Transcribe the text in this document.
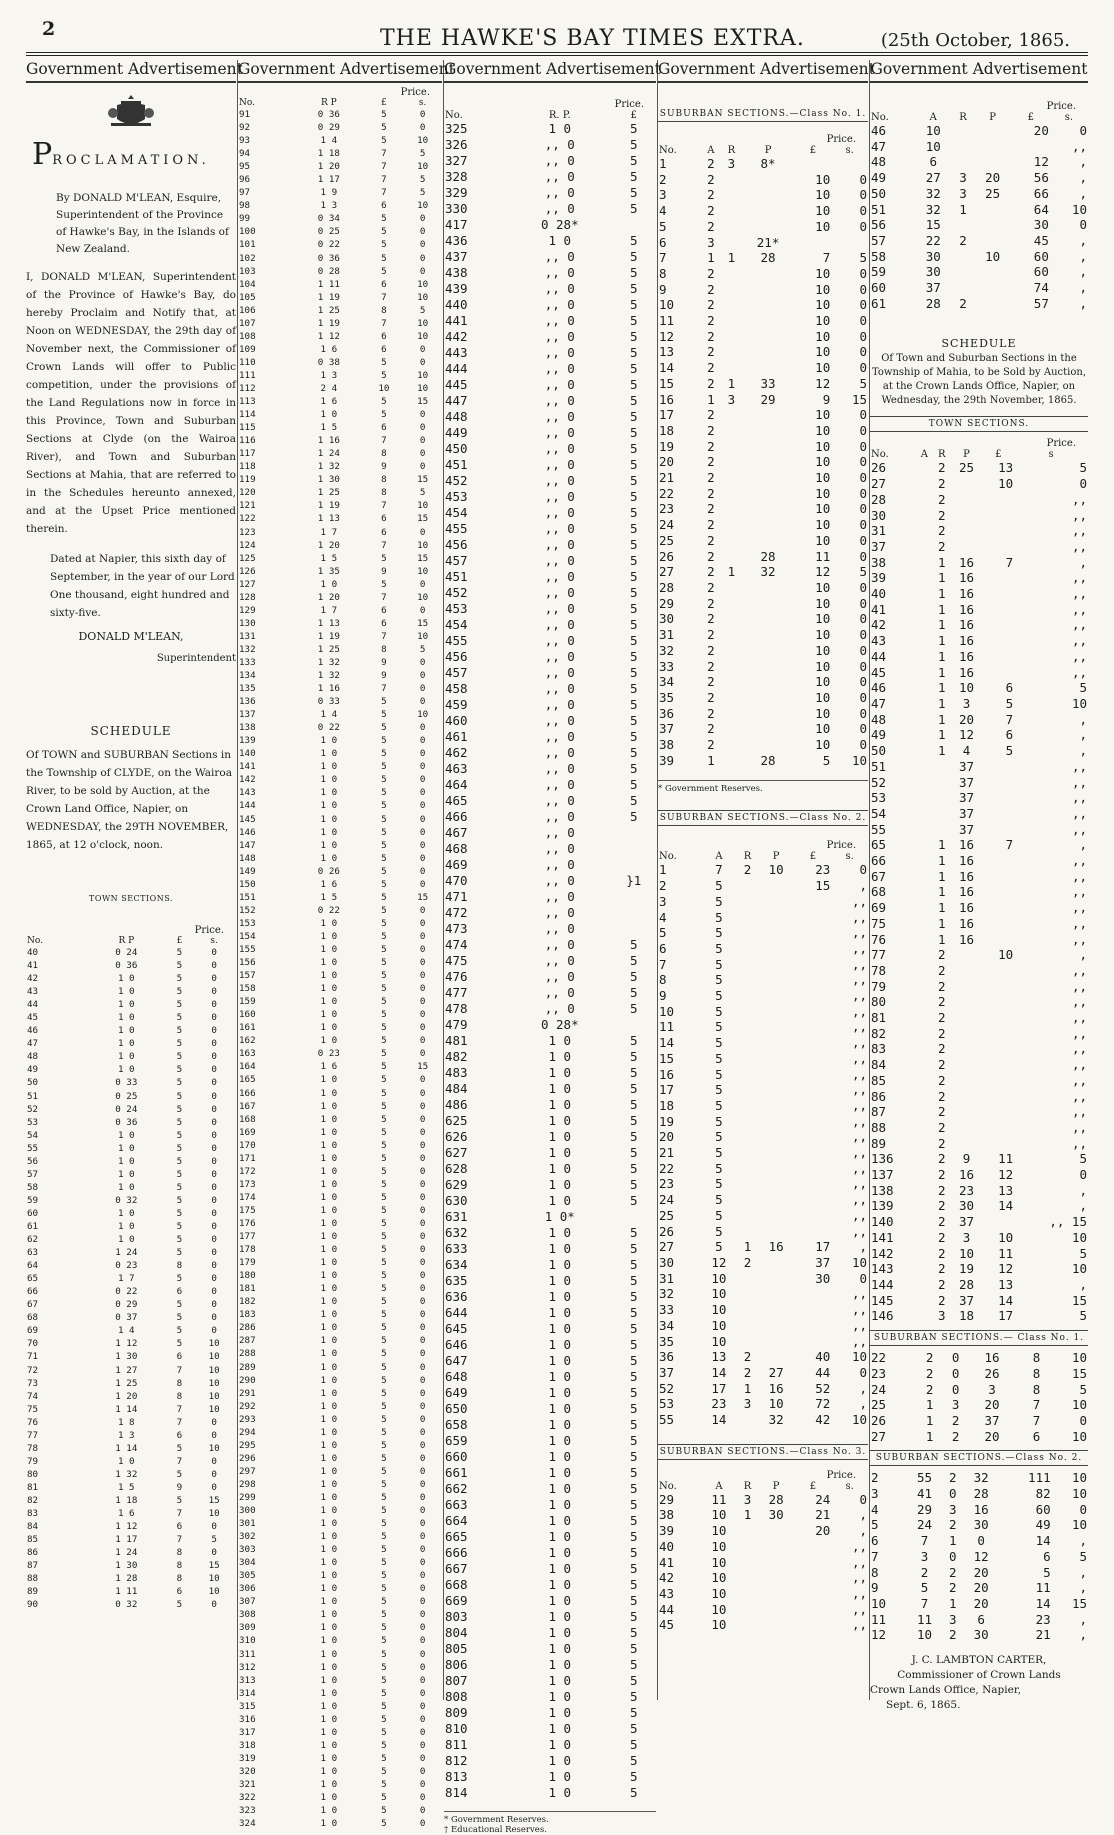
2	THE HAWKE'S BAY TIMES EXTRA.	(25th October, 1865.
Government Advertisement
PROCLAMATION.
By DONALD M'LEAN, Esquire, Superintendent of the Province of Hawke's Bay, in the Islands of New Zealand.
I, DONALD M'LEAN, Superintendent of the Province of Hawke's Bay, do hereby Proclaim and Notify that, at Noon on WEDNESDAY, the 29th day of November next, the Commissioner of Crown Lands will offer to Public competition, under the provisions of the Land Regulations now in force in this Province, Town and Suburban Sections at Clyde (on the Wairoa River), and Town and Suburban Sections at Mahia, that are referred to in the Schedules hereunto annexed, and at the Upset Price mentioned therein.
Dated at Napier, this sixth day of September, in the year of our Lord One thousand, eight hundred and sixty-five.
DONALD M'LEAN,
Superintendent
SCHEDULE
Of TOWN and SUBURBAN Sections in the Township of CLYDE, on the Wairoa River, to be sold by Auction, at the Crown Land Office, Napier, on WEDNESDAY, the 29TH NOVEMBER, 1865, at 12 o'clock, noon.
TOWN SECTIONS.
Price.
No.	R P	£	s.
40	0 24	5	0
41	0 36	5	0
42	1 0	5	0
43	1 0	5	0
44	1 0	5	0
45	1 0	5	0
46	1 0	5	0
47	1 0	5	0
48	1 0	5	0
49	1 0	5	0
50	0 33	5	0
51	0 25	5	0
52	0 24	5	0
53	0 36	5	0
54	1 0	5	0
55	1 0	5	0
56	1 0	5	0
57	1 0	5	0
58	1 0	5	0
59	0 32	5	0
60	1 0	5	0
61	1 0	5	0
62	1 0	5	0
63	1 24	5	0
64	0 23	8	0
65	1 7	5	0
66	0 22	6	0
67	0 29	5	0
68	0 37	5	0
69	1 4	5	0
70	1 12	5	10
71	1 30	6	10
72	1 27	7	10
73	1 25	8	10
74	1 20	8	10
75	1 14	7	10
76	1 8	7	0
77	1 3	6	0
78	1 14	5	10
79	1 0	7	0
80	1 32	5	0
81	1 5	9	0
82	1 18	5	15
83	1 6	7	10
84	1 12	6	0
85	1 17	7	5
86	1 24	8	0
87	1 30	8	15
88	1 28	8	10
89	1 11	6	10
90	0 32	5	0
Government Advertisement
Price.
No.	R P	£	s.
91	0 36	5	0
92	0 29	5	0
93	1 4	5	10
94	1 18	7	5
95	1 20	7	10
96	1 17	7	5
97	1 9	7	5
98	1 3	6	10
99	0 34	5	0
100	0 25	5	0
101	0 22	5	0
102	0 36	5	0
103	0 28	5	0
104	1 11	6	10
105	1 19	7	10
106	1 25	8	5
107	1 19	7	10
108	1 12	6	10
109	1 6	6	0
110	0 38	5	0
111	1 3	5	10
112	2 4	10	10
113	1 6	5	15
114	1 0	5	0
115	1 5	6	0
116	1 16	7	0
117	1 24	8	0
118	1 32	9	0
119	1 30	8	15
120	1 25	8	5
121	1 19	7	10
122	1 13	6	15
123	1 7	6	0
124	1 20	7	10
125	1 5	5	15
126	1 35	9	10
127	1 0	5	0
128	1 20	7	10
129	1 7	6	0
130	1 13	6	15
131	1 19	7	10
132	1 25	8	5
133	1 32	9	0
134	1 32	9	0
135	1 16	7	0
136	0 33	5	0
137	1 4	5	10
138	0 22	5	0
139	1 0	5	0
140	1 0	5	0
141	1 0	5	0
142	1 0	5	0
143	1 0	5	0
144	1 0	5	0
145	1 0	5	0
146	1 0	5	0
147	1 0	5	0
148	1 0	5	0
149	0 26	5	0
150	1 6	5	0
151	1 5	5	15
152	0 22	5	0
153	1 0	5	0
154	1 0	5	0
155	1 0	5	0
156	1 0	5	0
157	1 0	5	0
158	1 0	5	0
159	1 0	5	0
160	1 0	5	0
161	1 0	5	0
162	1 0	5	0
163	0 23	5	0
164	1 6	5	15
165	1 0	5	0
166	1 0	5	0
167	1 0	5	0
168	1 0	5	0
169	1 0	5	0
170	1 0	5	0
171	1 0	5	0
172	1 0	5	0
173	1 0	5	0
174	1 0	5	0
175	1 0	5	0
176	1 0	5	0
177	1 0	5	0
178	1 0	5	0
179	1 0	5	0
180	1 0	5	0
181	1 0	5	0
182	1 0	5	0
183	1 0	5	0
286	1 0	5	0
287	1 0	5	0
288	1 0	5	0
289	1 0	5	0
290	1 0	5	0
291	1 0	5	0
292	1 0	5	0
293	1 0	5	0
294	1 0	5	0
295	1 0	5	0
296	1 0	5	0
297	1 0	5	0
298	1 0	5	0
299	1 0	5	0
300	1 0	5	0
301	1 0	5	0
302	1 0	5	0
303	1 0	5	0
304	1 0	5	0
305	1 0	5	0
306	1 0	5	0
307	1 0	5	0
308	1 0	5	0
309	1 0	5	0
310	1 0	5	0
311	1 0	5	0
312	1 0	5	0
313	1 0	5	0
314	1 0	5	0
315	1 0	5	0
316	1 0	5	0
317	1 0	5	0
318	1 0	5	0
319	1 0	5	0
320	1 0	5	0
321	1 0	5	0
322	1 0	5	0
323	1 0	5	0
324	1 0	5	0
Government Advertisement
Price.
No.	R. P.	£
325	1 0	5
326	,, 0	5
327	,, 0	5
328	,, 0	5
329	,, 0	5
330	,, 0	5
417	0 28*	
436	1 0	5
437	,, 0	5
438	,, 0	5
439	,, 0	5
440	,, 0	5
441	,, 0	5
442	,, 0	5
443	,, 0	5
444	,, 0	5
445	,, 0	5
447	,, 0	5
448	,, 0	5
449	,, 0	5
450	,, 0	5
451	,, 0	5
452	,, 0	5
453	,, 0	5
454	,, 0	5
455	,, 0	5
456	,, 0	5
457	,, 0	5
451	,, 0	5
452	,, 0	5
453	,, 0	5
454	,, 0	5
455	,, 0	5
456	,, 0	5
457	,, 0	5
458	,, 0	5
459	,, 0	5
460	,, 0	5
461	,, 0	5
462	,, 0	5
463	,, 0	5
464	,, 0	5
465	,, 0	5
466	,, 0	5
467	,, 0	
468	,, 0	
469	,, 0	
470	,, 0	}1
471	,, 0	
472	,, 0	
473	,, 0	
474	,, 0	5
475	,, 0	5
476	,, 0	5
477	,, 0	5
478	,, 0	5
479	0 28*	
481	1 0	5
482	1 0	5
483	1 0	5
484	1 0	5
486	1 0	5
625	1 0	5
626	1 0	5
627	1 0	5
628	1 0	5
629	1 0	5
630	1 0	5
631	1 0*	
632	1 0	5
633	1 0	5
634	1 0	5
635	1 0	5
636	1 0	5
644	1 0	5
645	1 0	5
646	1 0	5
647	1 0	5
648	1 0	5
649	1 0	5
650	1 0	5
658	1 0	5
659	1 0	5
660	1 0	5
661	1 0	5
662	1 0	5
663	1 0	5
664	1 0	5
665	1 0	5
666	1 0	5
667	1 0	5
668	1 0	5
669	1 0	5
803	1 0	5
804	1 0	5
805	1 0	5
806	1 0	5
807	1 0	5
808	1 0	5
809	1 0	5
810	1 0	5
811	1 0	5
812	1 0	5
813	1 0	5
814	1 0	5
* Government Reserves.
† Educational Reserves.
Government Advertisement
SUBURBAN SECTIONS.—Class No. 1.
Price.
No.	A	R	P	£	s.
1	2	3	8*		
2	2			10	0
3	2			10	0
4	2			10	0
5	2			10	0
6	3		21*		
7	1	1	28	7	5
8	2			10	0
9	2			10	0
10	2			10	0
11	2			10	0
12	2			10	0
13	2			10	0
14	2			10	0
15	2	1	33	12	5
16	1	3	29	9	15
17	2			10	0
18	2			10	0
19	2			10	0
20	2			10	0
21	2			10	0
22	2			10	0
23	2			10	0
24	2			10	0
25	2			10	0
26	2		28	11	0
27	2	1	32	12	5
28	2			10	0
29	2			10	0
30	2			10	0
31	2			10	0
32	2			10	0
33	2			10	0
34	2			10	0
35	2			10	0
36	2			10	0
37	2			10	0
38	2			10	0
39	1		28	5	10
* Government Reserves.
SUBURBAN SECTIONS.—Class No. 2.
Price.
No.	A	R	P	£	s.
1	7	2	10	23	0
2	5			15	,
3	5				,,
4	5				,,
5	5				,,
6	5				,,
7	5				,,
8	5				,,
9	5				,,
10	5				,,
11	5				,,
14	5				,,
15	5				,,
16	5				,,
17	5				,,
18	5				,,
19	5				,,
20	5				,,
21	5				,,
22	5				,,
23	5				,,
24	5				,,
25	5				,,
26	5				,,
27	5	1	16	17	,
30	12	2		37	10
31	10			30	0
32	10				,,
33	10				,,
34	10				,,
35	10				,,
36	13	2		40	10
37	14	2	27	44	0
52	17	1	16	52	,
53	23	3	10	72	,
55	14		32	42	10
SUBURBAN SECTIONS.—Class No. 3.
Price.
No.	A	R	P	£	s.
29	11	3	28	24	0
38	10	1	30	21	,
39	10			20	,
40	10				,,
41	10				,,
42	10				,,
43	10				,,
44	10				,,
45	10				,,
Government Advertisement
Price.
No.	A	R	P	£	s.
46	10			20	0
47	10				,,
48	6			12	,
49	27	3	20	56	,
50	32	3	25	66	,
51	32	1		64	10
56	15			30	0
57	22	2		45	,
58	30		10	60	,
59	30			60	,
60	37			74	,
61	28	2		57	,
SCHEDULE
Of Town and Suburban Sections in the Township of Mahia, to be Sold by Auction, at the Crown Lands Office, Napier, on Wednesday, the 29th November, 1865.
TOWN SECTIONS.
Price.
No.	A	R	P	£	s
26		2	25	13	5
27		2		10	0
28		2			,,
30		2			,,
31		2			,,
37		2			,,
38		1	16	7	,
39		1	16		,,
40		1	16		,,
41		1	16		,,
42		1	16		,,
43		1	16		,,
44		1	16		,,
45		1	16		,,
46		1	10	6	5
47		1	3	5	10
48		1	20	7	,
49		1	12	6	,
50		1	4	5	,
51			37		,,
52			37		,,
53			37		,,
54			37		,,
55			37		,,
65		1	16	7	,
66		1	16		,,
67		1	16		,,
68		1	16		,,
69		1	16		,,
75		1	16		,,
76		1	16		,,
77		2		10	,
78		2			,,
79		2			,,
80		2			,,
81		2			,,
82		2			,,
83		2			,,
84		2			,,
85		2			,,
86		2			,,
87		2			,,
88		2			,,
89		2			,,
136		2	9	11	5
137		2	16	12	0
138		2	23	13	,
139		2	30	14	,
140		2	37		,, 15
141		2	3	10	10
142		2	10	11	5
143		2	19	12	10
144		2	28	13	,
145		2	37	14	15
146		3	18	17	5
SUBURBAN SECTIONS.— Class No. 1.
22	2	0	16	8	10
23	2	0	26	8	15
24	2	0	3	8	5
25	1	3	20	7	10
26	1	2	37	7	0
27	1	2	20	6	10
SUBURBAN SECTIONS.—Class No. 2.
2	55	2	32	111	10
3	41	0	28	82	10
4	29	3	16	60	0
5	24	2	30	49	10
6	7	1	0	14	,
7	3	0	12	6	5
8	2	2	20	5	,
9	5	2	20	11	,
10	7	1	20	14	15
11	11	3	6	23	,
12	10	2	30	21	,
J. C. LAMBTON CARTER,
Commissioner of Crown Lands
Crown Lands Office, Napier,
Sept. 6, 1865.
